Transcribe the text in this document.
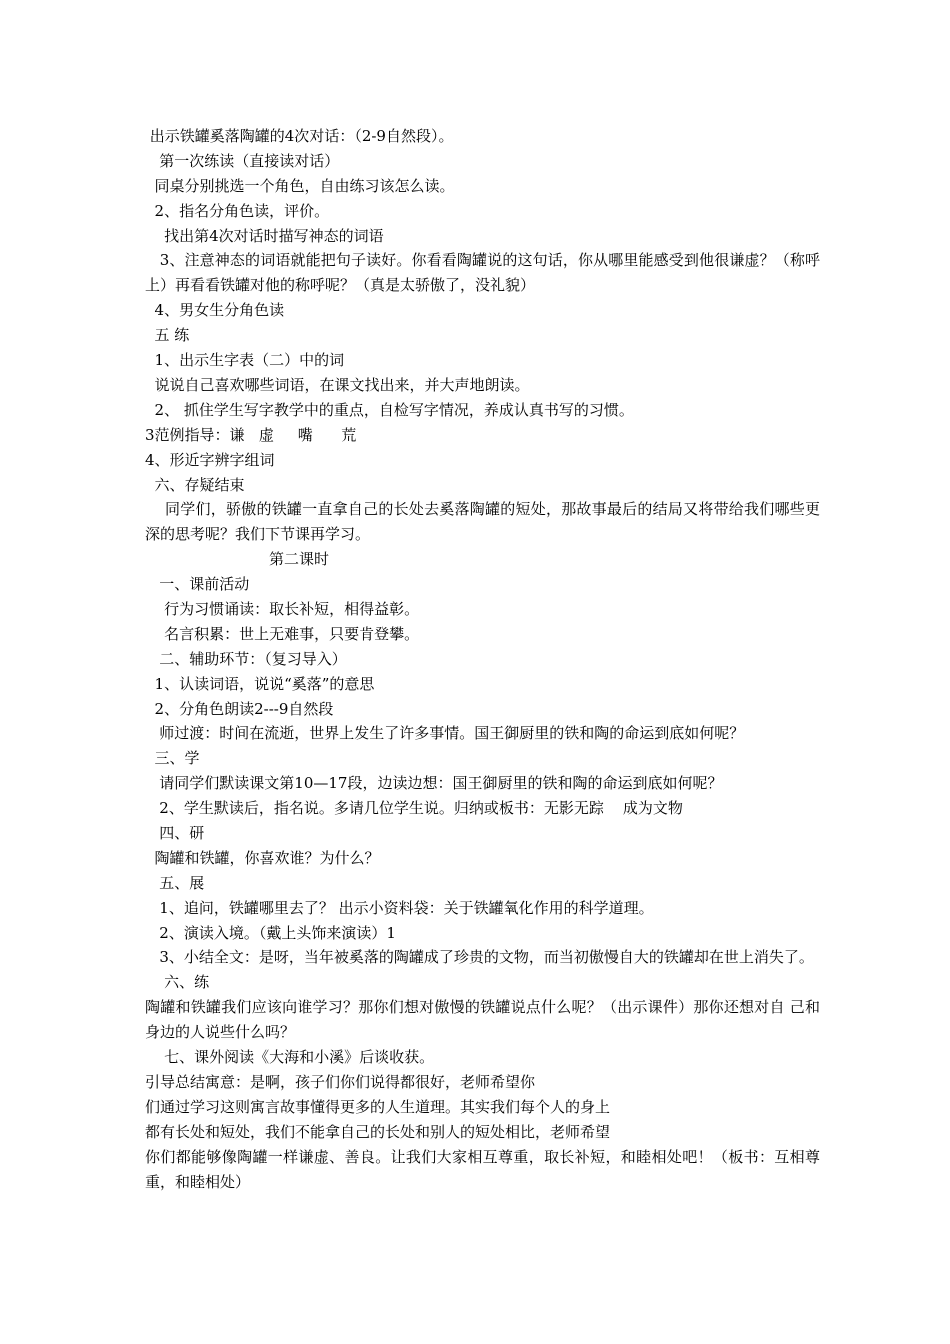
出示铁罐奚落陶罐的4次对话：（2-9自然段）。
第一次练读（直接读对话）
同桌分别挑选一个角色，自由练习该怎么读。
2、指名分角色读，评价。
找出第4次对话时描写神态的词语
3、注意神态的词语就能把句子读好。你看看陶罐说的这句话，你从哪里能感受到他很谦虚？（称呼上）再看看铁罐对他的称呼呢？（真是太骄傲了，没礼貌）
4、男女生分角色读
五 练
1、出示生字表（二）中的词
说说自己喜欢哪些词语，在课文找出来，并大声地朗读。
2、 抓住学生写字教学中的重点，自检写字情况，养成认真书写的习惯。
3范例指导：谦   虚     嘴      荒
4、形近字辨字组词
六、存疑结束
同学们，骄傲的铁罐一直拿自己的长处去奚落陶罐的短处，那故事最后的结局又将带给我们哪些更深的思考呢？我们下节课再学习。
第二课时
一、课前活动
行为习惯诵读：取长补短，相得益彰。
名言积累：世上无难事，只要肯登攀。
二、辅助环节：（复习导入）
1、认读词语，说说“奚落”的意思
2、分角色朗读2---9自然段
师过渡：时间在流逝，世界上发生了许多事情。国王御厨里的铁和陶的命运到底如何呢？
三、学
请同学们默读课文第10—17段，边读边想：国王御厨里的铁和陶的命运到底如何呢？
2、学生默读后，指名说。多请几位学生说。归纳或板书：无影无踪    成为文物
四、研
陶罐和铁罐，你喜欢谁？为什么？
五、展
1、追问，铁罐哪里去了？ 出示小资料袋：关于铁罐氧化作用的科学道理。
2、演读入境。（戴上头饰来演读）1
3、小结全文：是呀，当年被奚落的陶罐成了珍贵的文物，而当初傲慢自大的铁罐却在世上消失了。
六、练
陶罐和铁罐我们应该向谁学习？那你们想对傲慢的铁罐说点什么呢？（出示课件）那你还想对自 己和身边的人说些什么吗？
七、课外阅读《大海和小溪》后谈收获。
引导总结寓意：是啊，孩子们你们说得都很好，老师希望你
们通过学习这则寓言故事懂得更多的人生道理。其实我们每个人的身上
都有长处和短处，我们不能拿自己的长处和别人的短处相比，老师希望
你们都能够像陶罐一样谦虚、善良。让我们大家相互尊重，取长补短，和睦相处吧！（板书：互相尊重，和睦相处）
